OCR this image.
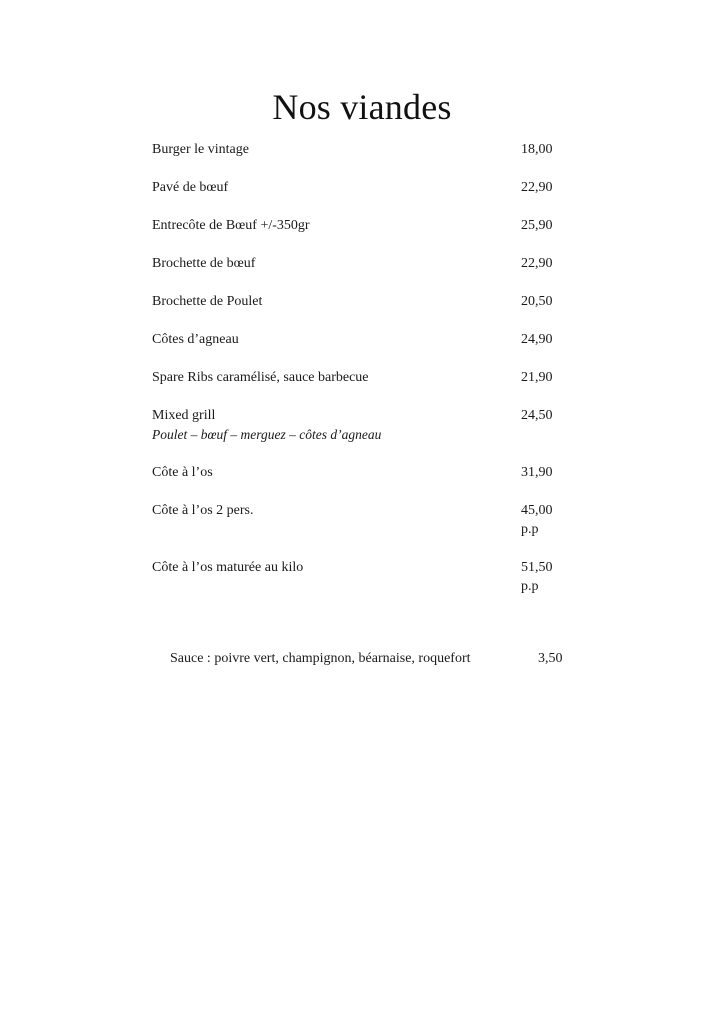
Nos viandes
Burger le vintage	18,00
Pavé de bœuf	22,90
Entrecôte de Bœuf +/-350gr	25,90
Brochette de bœuf	22,90
Brochette de Poulet	20,50
Côtes d’agneau	24,90
Spare Ribs caramélisé, sauce barbecue	21,90
Mixed grill	24,50
Poulet – bœuf – merguez – côtes d’agneau
Côte à l’os	31,90
Côte à l’os 2 pers.	45,00
p.p
Côte à l’os maturée au kilo	51,50
p.p
Sauce : poivre vert, champignon, béarnaise, roquefort	3,50
